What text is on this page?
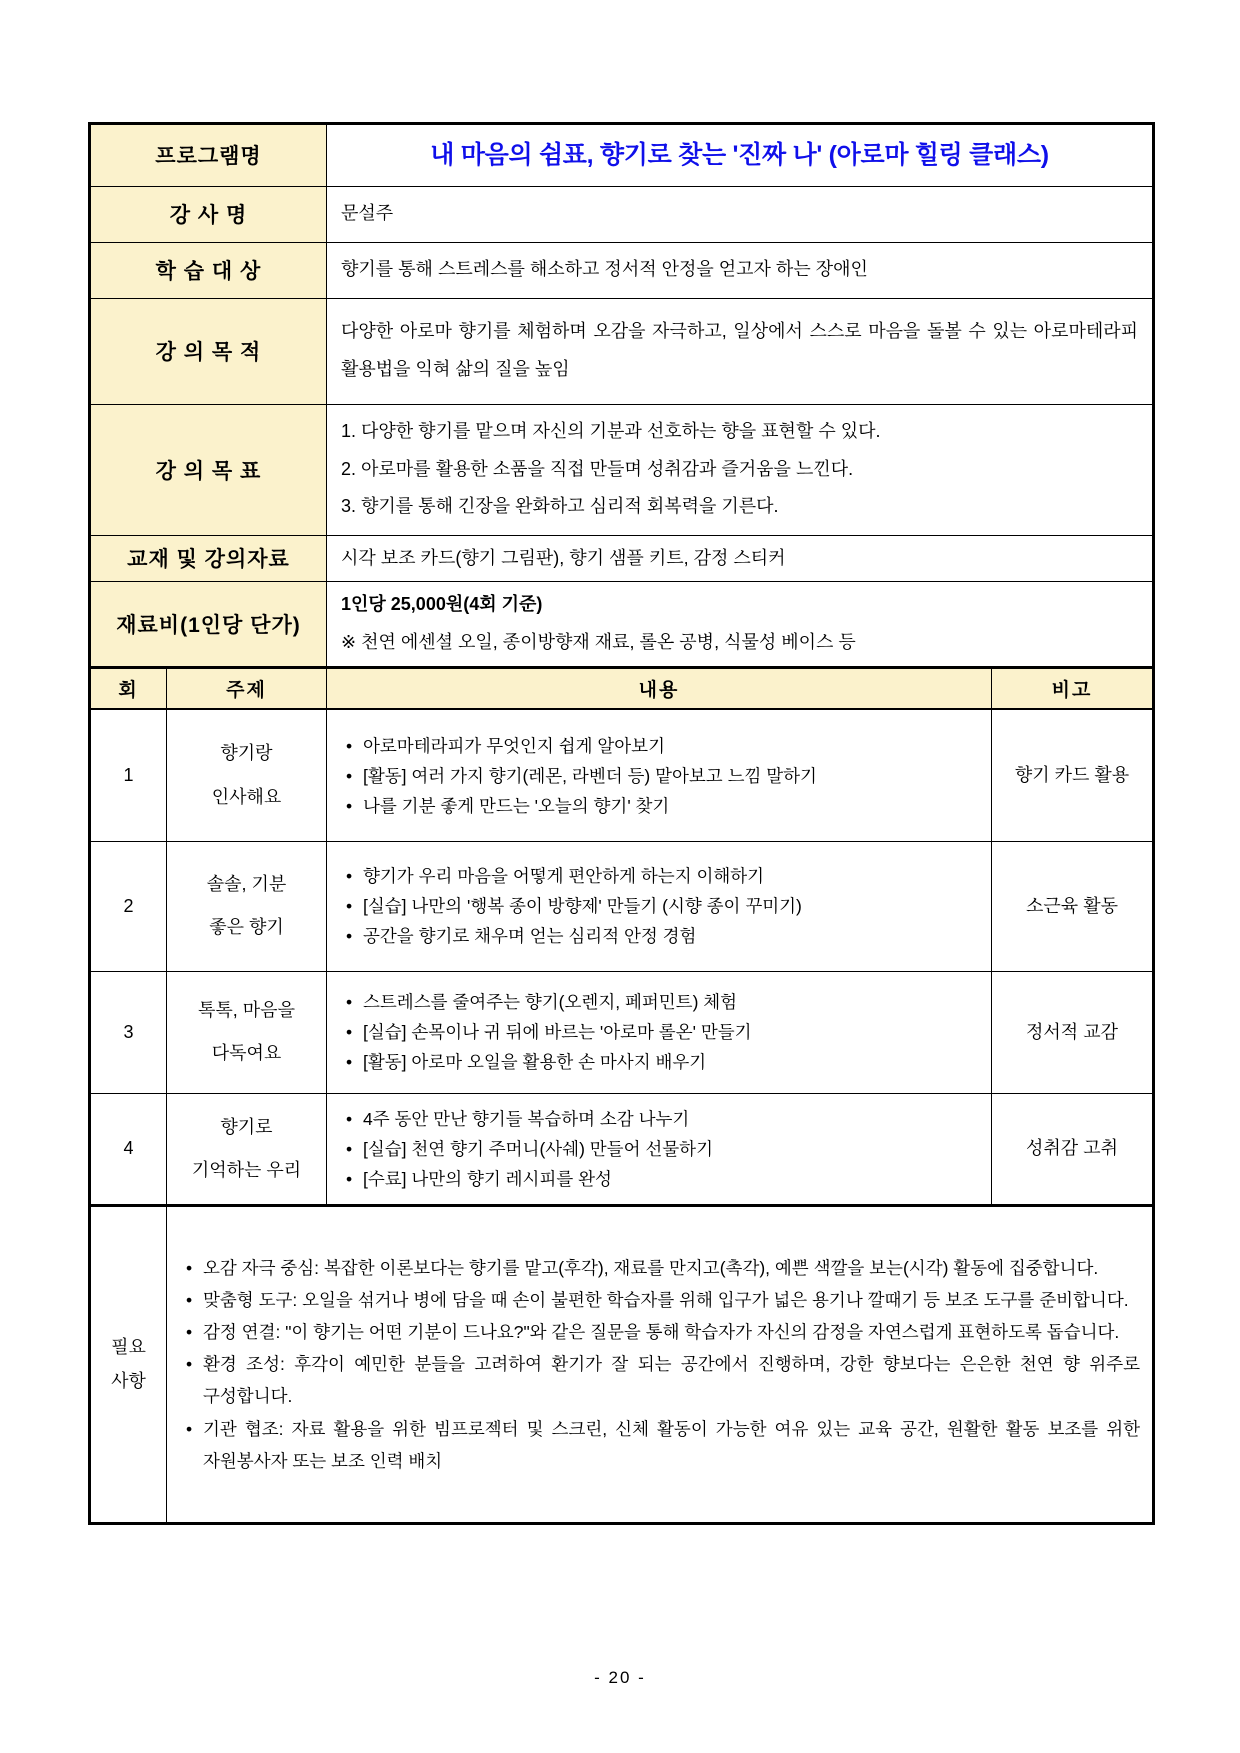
프로그램명		내 마음의 쉼표, 향기로 찾는 '진짜 나' (아로마 힐링 클래스)	

강 사 명		문설주	

학 습 대 상		향기를 통해 스트레스를 해소하고 정서적 안정을 얻고자 하는 장애인	

강 의 목 적		다양한 아로마 향기를 체험하며 오감을 자극하고, 일상에서 스스로 마음을 돌볼 수 있는 아로마테라피 활용법을 익혀 삶의 질을 높임	

강 의 목 표		1. 다양한 향기를 맡으며 자신의 기분과 선호하는 향을 표현할 수 있다.
2. 아로마를 활용한 소품을 직접 만들며 성취감과 즐거움을 느낀다.
3. 향기를 통해 긴장을 완화하고 심리적 회복력을 기른다.	

교재 및 강의자료		시각 보조 카드(향기 그림판), 향기 샘플 키트, 감정 스티커	

재료비(1인당 단가)		1인당 25,000원(4회 기준)
※ 천연 에센셜 오일, 종이방향재 재료, 롤온 공병, 식물성 베이스 등	

회	주제	내용	비고
1	향기랑 인사해요	• 아로마테라피가 무엇인지 쉽게 알아보기
• [활동] 여러 가지 향기(레몬, 라벤더 등) 맡아보고 느낌 말하기
• 나를 기분 좋게 만드는 '오늘의 향기' 찾기	향기 카드 활용
2	솔솔, 기분 좋은 향기	• 향기가 우리 마음을 어떻게 편안하게 하는지 이해하기
• [실습] 나만의 '행복 종이 방향제' 만들기 (시향 종이 꾸미기)
• 공간을 향기로 채우며 얻는 심리적 안정 경험	소근육 활동
3	톡톡, 마음을 다독여요	• 스트레스를 줄여주는 향기(오렌지, 페퍼민트) 체험
• [실습] 손목이나 귀 뒤에 바르는 '아로마 롤온' 만들기
• [활동] 아로마 오일을 활용한 손 마사지 배우기	정서적 교감
4	향기로 기억하는 우리	• 4주 동안 만난 향기들 복습하며 소감 나누기
• [실습] 천연 향기 주머니(사쉐) 만들어 선물하기
• [수료] 나만의 향기 레시피를 완성	성취감 고취
필요 사항	• 오감 자극 중심: 복잡한 이론보다는 향기를 맡고(후각), 재료를 만지고(촉각), 예쁜 색깔을 보는(시각) 활동에 집중합니다.
• 맞춤형 도구: 오일을 섞거나 병에 담을 때 손이 불편한 학습자를 위해 입구가 넓은 용기나 깔때기 등 보조 도구를 준비합니다.
• 감정 연결: "이 향기는 어떤 기분이 드나요?"와 같은 질문을 통해 학습자가 자신의 감정을 자연스럽게 표현하도록 돕습니다.
• 환경 조성: 후각이 예민한 분들을 고려하여 환기가 잘 되는 공간에서 진행하며, 강한 향보다는 은은한 천연 향 위주로 구성합니다.
• 기관 협조: 자료 활용을 위한 빔프로젝터 및 스크린, 신체 활동이 가능한 여유 있는 교육 공간, 원활한 활동 보조를 위한 자원봉사자 또는 보조 인력 배치
- 20 -
